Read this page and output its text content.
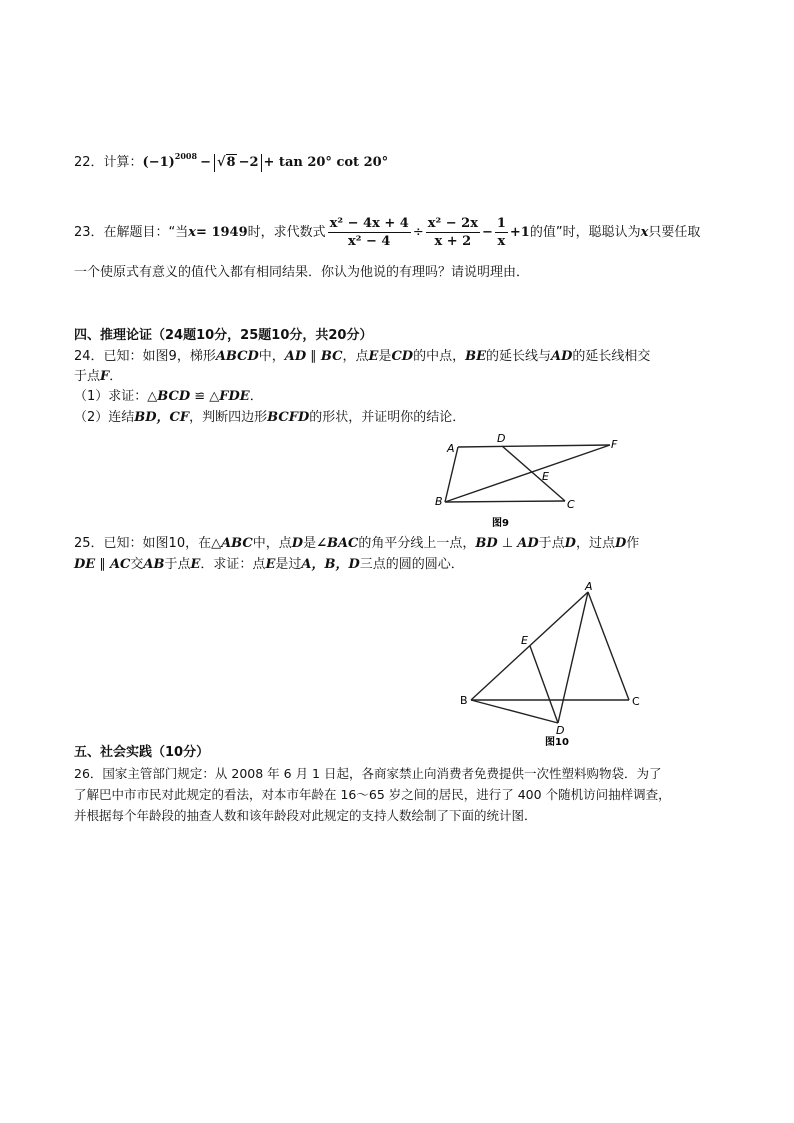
22．计算：$(-1)^{2008} - √8 -2 + \tan 20^\circ$ cot 20°
23．在解题目：“当x= 1949时，求代数式 $\frac{\text{x² − 4x + 4}}{\text{x² − 4}} \div \frac{\text{x² − 2x}}{x + 2} - \frac{1}{x} +1$的值”时，聪聪认为x只要任取
一个使原式有意义的值代入都有相同结果．你认为他说的有理吗？请说明理由．
四、推理论证（24题10分，25题10分，共20分）
24．已知：如图9，梯形ABCD中，AD ∥ BC，点E是CD的中点，BE的延长线与AD的延长线相交
于点F．
（1）求证：△BCD ≌ △FDE．
（2）连结BD，CF，判断四边形BCFD的形状，并证明你的结论．
A
D	F
E
B	C
图9
25．已知：如图10，在△ABC中，点D是∠BAC的角平分线上一点，BD ⊥ AD于点D，过点D作
DE ∥ AC交AB于点E．求证：点E是过A，B，D三点的圆的圆心．
A
E
B	C
D
图10
五、社会实践（10分）
26．国家主管部门规定：从 2008 年 6 月 1 日起，各商家禁止向消费者免费提供一次性塑料购物袋．为了
了解巴中市市民对此规定的看法，对本市年龄在 16～65 岁之间的居民，进行了 400 个随机访问抽样调查，
并根据每个年龄段的抽查人数和该年龄段对此规定的支持人数绘制了下面的统计图．
